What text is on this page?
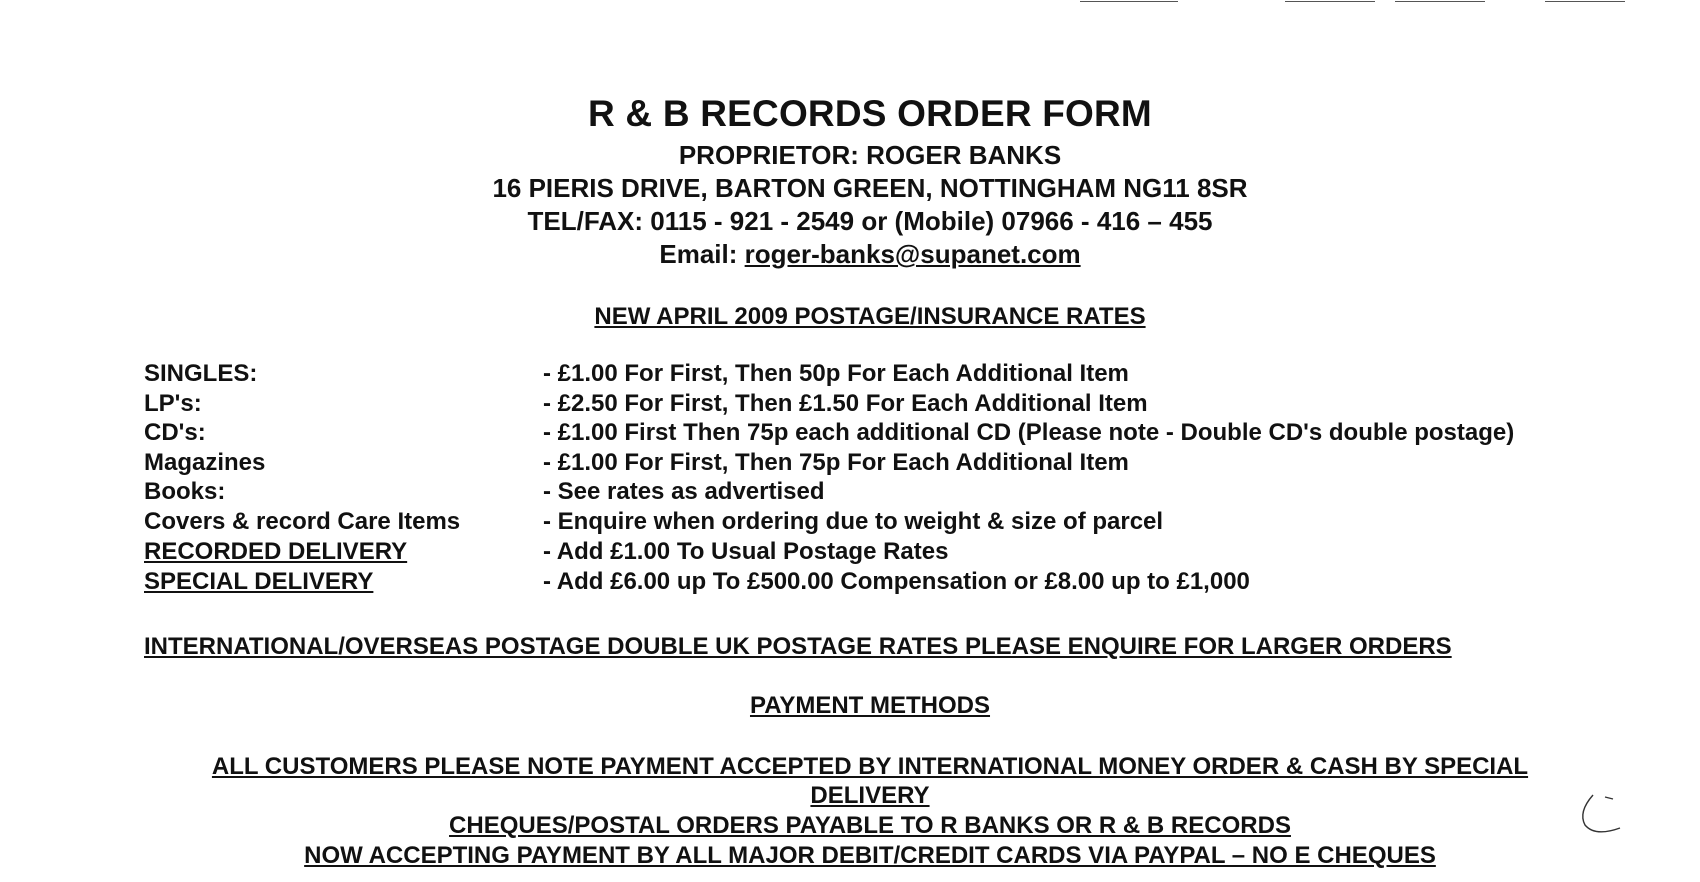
R & B RECORDS ORDER FORM
PROPRIETOR: ROGER BANKS
16 PIERIS DRIVE, BARTON GREEN, NOTTINGHAM NG11 8SR
TEL/FAX: 0115 - 921 - 2549 or (Mobile) 07966 - 416 – 455
Email: roger-banks@supanet.com
NEW APRIL 2009 POSTAGE/INSURANCE RATES
SINGLES:	- £1.00 For First, Then 50p For Each Additional Item
LP's:	- £2.50 For First, Then £1.50 For Each Additional Item
CD's:	- £1.00 First Then 75p each additional CD (Please note - Double CD's double postage)
Magazines	- £1.00 For First, Then 75p For Each Additional Item
Books:	- See rates as advertised
Covers & record Care Items	- Enquire when ordering due to weight & size of parcel
RECORDED DELIVERY	- Add £1.00 To Usual Postage Rates
SPECIAL DELIVERY	- Add £6.00 up To £500.00 Compensation or £8.00 up to £1,000
INTERNATIONAL/OVERSEAS POSTAGE DOUBLE UK POSTAGE RATES PLEASE ENQUIRE FOR LARGER ORDERS
PAYMENT METHODS
ALL CUSTOMERS PLEASE NOTE PAYMENT ACCEPTED BY INTERNATIONAL MONEY ORDER & CASH BY SPECIAL
DELIVERY
CHEQUES/POSTAL ORDERS PAYABLE TO R BANKS OR R & B RECORDS
NOW ACCEPTING PAYMENT BY ALL MAJOR DEBIT/CREDIT CARDS VIA PAYPAL – NO E CHEQUES
